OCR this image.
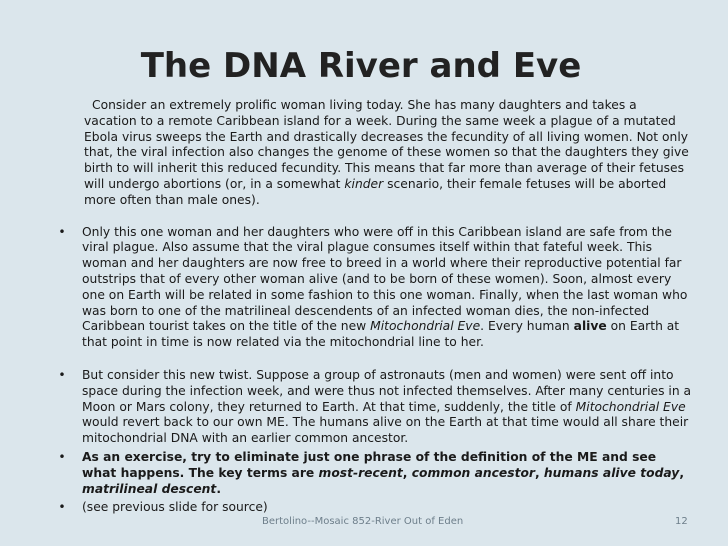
The DNA River and Eve

Consider an extremely prolific woman living today. She has many daughters and takes a vacation to a remote Caribbean island for a week. During the same week a plague of a mutated Ebola virus sweeps the Earth and drastically decreases the fecundity of all living women. Not only that, the viral infection also changes the genome of these women so that the daughters they give birth to will inherit this reduced fecundity. This means that far more than average of their fetuses will undergo abortions (or, in a somewhat kinder scenario, their female fetuses will be aborted more often than male ones).

• Only this one woman and her daughters who were off in this Caribbean island are safe from the viral plague. Also assume that the viral plague consumes itself within that fateful week. This woman and her daughters are now free to breed in a world where their reproductive potential far outstrips that of every other woman alive (and to be born of these women). Soon, almost every one on Earth will be related in some fashion to this one woman. Finally, when the last woman who was born to one of the matrilineal descendents of an infected woman dies, the non-infected Caribbean tourist takes on the title of the new Mitochondrial Eve. Every human alive on Earth at that point in time is now related via the mitochondrial line to her.

• But consider this new twist. Suppose a group of astronauts (men and women) were sent off into space during the infection week, and were thus not infected themselves. After many centuries in a Moon or Mars colony, they returned to Earth. At that time, suddenly, the title of Mitochondrial Eve would revert back to our own ME. The humans alive on the Earth at that time would all share their mitochondrial DNA with an earlier common ancestor.

• As an exercise, try to eliminate just one phrase of the definition of the ME and see what happens. The key terms are most-recent, common ancestor, humans alive today, matrilineal descent.

• (see previous slide for source)

Bertolino--Mosaic 852-River Out of Eden	12
